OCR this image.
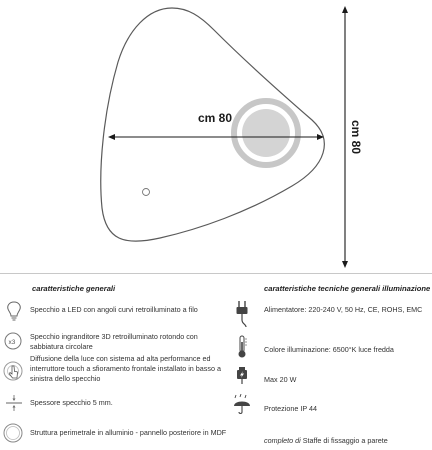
cm 80
cm 80
caratteristiche generali
Specchio a LED con angoli curvi retroilluminato a filo
x3
Specchio ingranditore 3D retroilluminato rotondo con sabbiatura circolare
Diffusione della luce con sistema ad alta performance ed interruttore touch a sfioramento frontale installato in basso a sinistra dello specchio
Spessore specchio 5 mm.
Struttura perimetrale in alluminio - pannello posteriore in MDF
caratteristiche tecniche generali illuminazione
Alimentatore: 220-240 V, 50 Hz, CE, ROHS, EMC
Colore illuminazione: 6500°K luce fredda
Max 20 W
Protezione IP 44
completo di Staffe di fissaggio a parete
